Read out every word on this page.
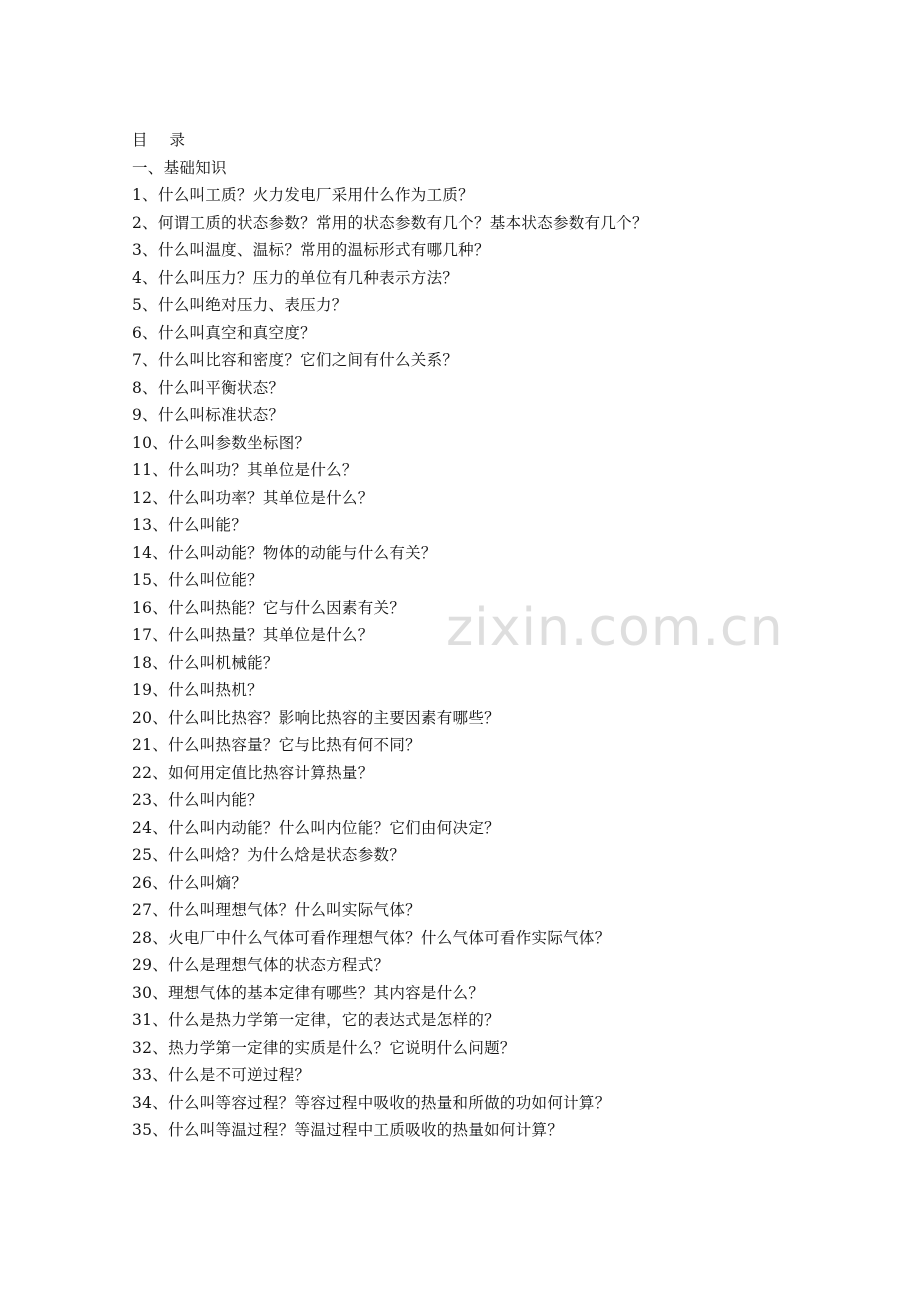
目 录
一、基础知识
1、什么叫工质？火力发电厂采用什么作为工质？
2、何谓工质的状态参数？常用的状态参数有几个？基本状态参数有几个？
3、什么叫温度、温标？常用的温标形式有哪几种？
4、什么叫压力？压力的单位有几种表示方法？
5、什么叫绝对压力、表压力？
6、什么叫真空和真空度？
7、什么叫比容和密度？它们之间有什么关系？
8、什么叫平衡状态？
9、什么叫标准状态？
10、什么叫参数坐标图？
11、什么叫功？其单位是什么？
12、什么叫功率？其单位是什么？
13、什么叫能？
14、什么叫动能？物体的动能与什么有关？
15、什么叫位能？
16、什么叫热能？它与什么因素有关？
17、什么叫热量？其单位是什么？
18、什么叫机械能？
19、什么叫热机？
20、什么叫比热容？影响比热容的主要因素有哪些？
21、什么叫热容量？它与比热有何不同？
22、如何用定值比热容计算热量？
23、什么叫内能？
24、什么叫内动能？什么叫内位能？它们由何决定？
25、什么叫焓？为什么焓是状态参数？
26、什么叫熵？
27、什么叫理想气体？什么叫实际气体？
28、火电厂中什么气体可看作理想气体？什么气体可看作实际气体？
29、什么是理想气体的状态方程式？
30、理想气体的基本定律有哪些？其内容是什么？
31、什么是热力学第一定律，它的表达式是怎样的？
32、热力学第一定律的实质是什么？它说明什么问题？
33、什么是不可逆过程？
34、什么叫等容过程？等容过程中吸收的热量和所做的功如何计算？
35、什么叫等温过程？等温过程中工质吸收的热量如何计算？
zixin.com.cn
